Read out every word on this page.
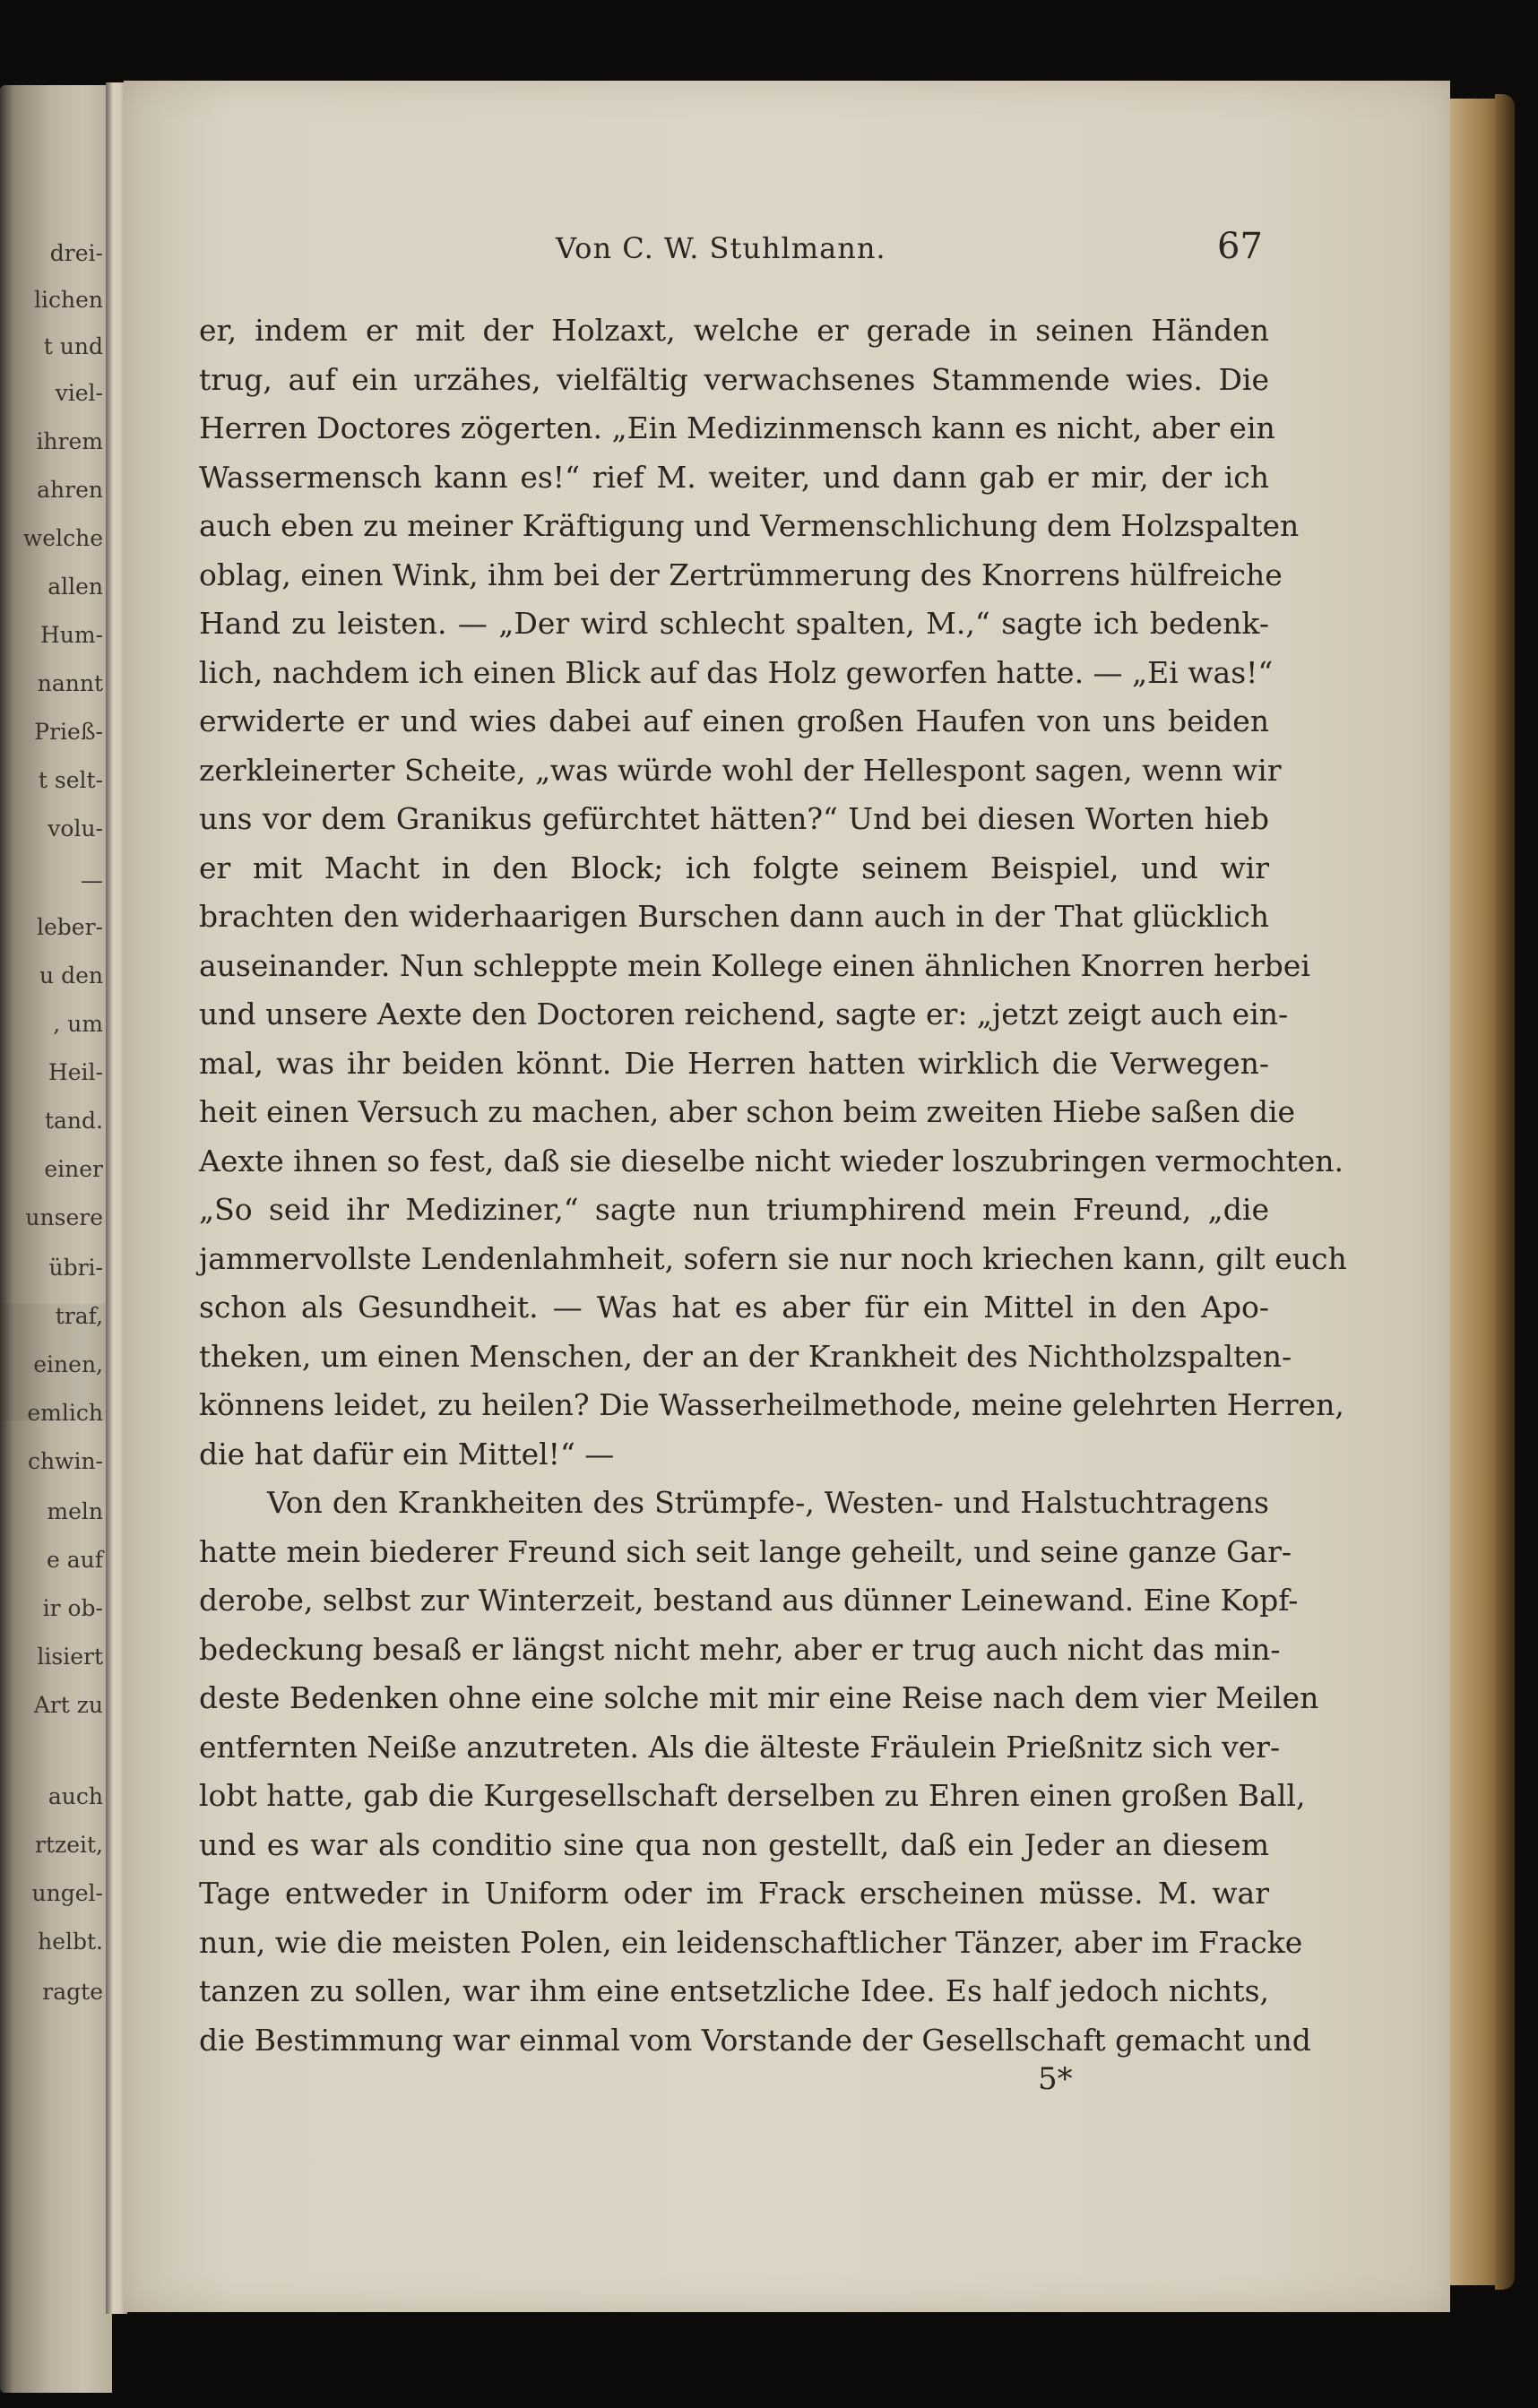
drei-
lichen
t und
viel-
ihrem
ahren
welche
allen
Hum-
nannt
Prieß-
t selt-
volu-
—
leber-
u den
, um
Heil-
tand.
einer
unsere
übri-
traf,
einen,
emlich
chwin-
meln
e auf
ir ob-
lisiert
Art zu
auch
rtzeit,
ungel-
helbt.
ragte
Von C. W. Stuhlmann.	67
er, indem er mit der Holzaxt, welche er gerade in seinen Händen
trug, auf ein urzähes, vielfältig verwachsenes Stammende wies. Die
Herren Doctores zögerten. „Ein Medizinmensch kann es nicht, aber ein
Wassermensch kann es!“ rief M. weiter, und dann gab er mir, der ich
auch eben zu meiner Kräftigung und Vermenschlichung dem Holzspalten
oblag, einen Wink, ihm bei der Zertrümmerung des Knorrens hülfreiche
Hand zu leisten. — „Der wird schlecht spalten, M.,“ sagte ich bedenk-
lich, nachdem ich einen Blick auf das Holz geworfen hatte. — „Ei was!“
erwiderte er und wies dabei auf einen großen Haufen von uns beiden
zerkleinerter Scheite, „was würde wohl der Hellespont sagen, wenn wir
uns vor dem Granikus gefürchtet hätten?“ Und bei diesen Worten hieb
er mit Macht in den Block; ich folgte seinem Beispiel, und wir
brachten den widerhaarigen Burschen dann auch in der That glücklich
auseinander. Nun schleppte mein Kollege einen ähnlichen Knorren herbei
und unsere Aexte den Doctoren reichend, sagte er: „jetzt zeigt auch ein-
mal, was ihr beiden könnt. Die Herren hatten wirklich die Verwegen-
heit einen Versuch zu machen, aber schon beim zweiten Hiebe saßen die
Aexte ihnen so fest, daß sie dieselbe nicht wieder loszubringen vermochten.
„So seid ihr Mediziner,“ sagte nun triumphirend mein Freund, „die
jammervollste Lendenlahmheit, sofern sie nur noch kriechen kann, gilt euch
schon als Gesundheit. — Was hat es aber für ein Mittel in den Apo-
theken, um einen Menschen, der an der Krankheit des Nichtholzspalten-
könnens leidet, zu heilen? Die Wasserheilmethode, meine gelehrten Herren,
die hat dafür ein Mittel!“ —
Von den Krankheiten des Strümpfe-, Westen- und Halstuchtragens
hatte mein biederer Freund sich seit lange geheilt, und seine ganze Gar-
derobe, selbst zur Winterzeit, bestand aus dünner Leinewand. Eine Kopf-
bedeckung besaß er längst nicht mehr, aber er trug auch nicht das min-
deste Bedenken ohne eine solche mit mir eine Reise nach dem vier Meilen
entfernten Neiße anzutreten. Als die älteste Fräulein Prießnitz sich ver-
lobt hatte, gab die Kurgesellschaft derselben zu Ehren einen großen Ball,
und es war als conditio sine qua non gestellt, daß ein Jeder an diesem
Tage entweder in Uniform oder im Frack erscheinen müsse. M. war
nun, wie die meisten Polen, ein leidenschaftlicher Tänzer, aber im Fracke
tanzen zu sollen, war ihm eine entsetzliche Idee. Es half jedoch nichts,
die Bestimmung war einmal vom Vorstande der Gesellschaft gemacht und
5*
